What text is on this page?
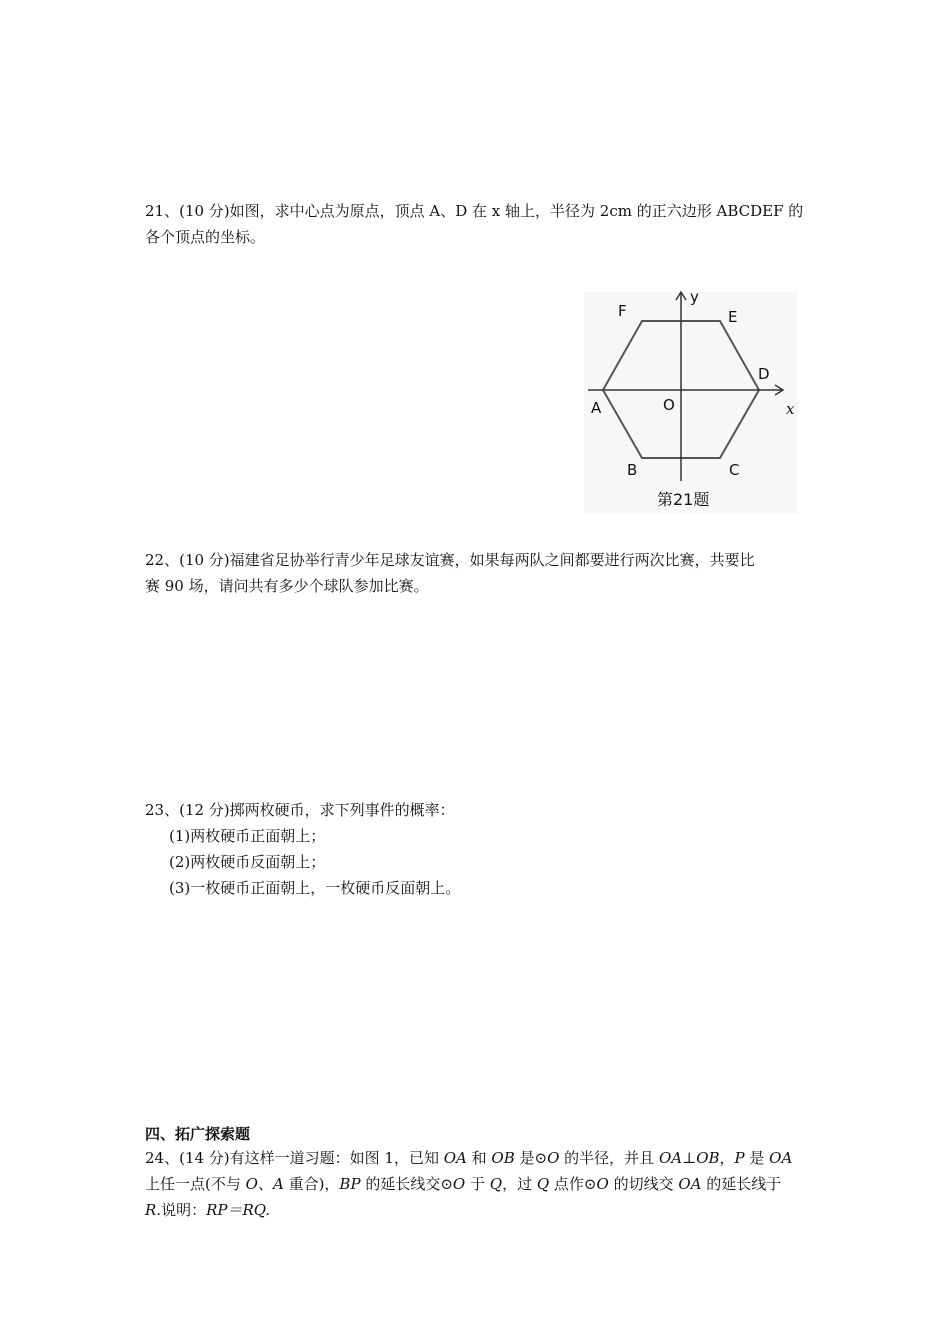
21、(10 分)如图，求中心点为原点，顶点 A、D 在 x 轴上，半径为 2cm 的正六边形 ABCDEF 的
各个顶点的坐标。
F	E
D
A	O
B	C
y
x
第21题
22、(10 分)福建省足协举行青少年足球友谊赛，如果每两队之间都要进行两次比赛，共要比
赛 90 场，请问共有多少个球队参加比赛。
23、(12 分)掷两枚硬币，求下列事件的概率：
(1)两枚硬币正面朝上；
(2)两枚硬币反面朝上；
(3)一枚硬币正面朝上，一枚硬币反面朝上。
四、拓广探索题
24、(14 分)有这样一道习题：如图 1，已知 OA 和 OB 是⊙O 的半径，并且 OA⊥OB，P 是 OA
上任一点(不与 O、A 重合)，BP 的延长线交⊙O 于 Q，过 Q 点作⊙O 的切线交 OA 的延长线于
R.说明：RP＝RQ.
